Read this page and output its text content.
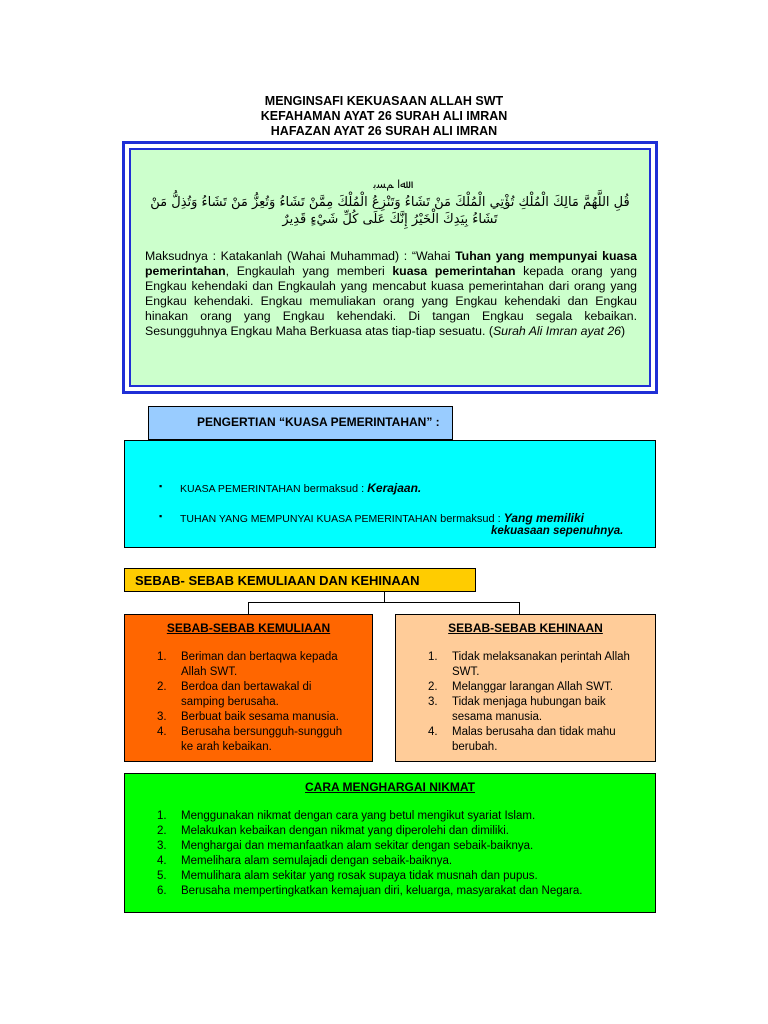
MENGINSAFI KEKUASAAN ALLAH SWT
KEFAHAMAN AYAT 26 SURAH ALI IMRAN
HAFAZAN AYAT 26 SURAH ALI IMRAN
ﷲﺍ ﻢﺴﺑ
ﻗُﻞِ ﺍﻟﻠَّﻬُﻢَّ ﻣَﺎﻟِﻚَ ﺍﻟْﻤُﻠْﻚِ ﺗُﺆْﺗِﻲ ﺍﻟْﻤُﻠْﻚَ ﻣَﻦْ ﺗَﺸَﺎﺀُ ﻭَﺗَﻨْﺰِﻉُ ﺍﻟْﻤُﻠْﻚَ ﻣِﻤَّﻦْ ﺗَﺸَﺎﺀُ ﻭَﺗُﻌِﺰُّ ﻣَﻦْ ﺗَﺸَﺎﺀُ ﻭَﺗُﺬِﻝُّ ﻣَﻦْ ﺗَﺸَﺎﺀُ ﺑِﻴَﺪِﻙَ ﺍﻟْﺨَﻴْﺮُ ﺇِﻧَّﻚَ ﻋَﻠَﻰ ﻛُﻞِّ ﺷَﻲْﺀٍ ﻗَﺪِﻳﺮٌ
Maksudnya : Katakanlah (Wahai Muhammad) : “Wahai Tuhan yang mempunyai kuasa pemerintahan, Engkaulah yang memberi kuasa pemerintahan kepada orang yang Engkau kehendaki dan Engkaulah yang mencabut kuasa pemerintahan dari orang yang Engkau kehendaki. Engkau memuliakan orang yang Engkau kehendaki dan Engkau hinakan orang yang Engkau kehendaki. Di tangan Engkau segala kebaikan. Sesungguhnya Engkau Maha Berkuasa atas tiap-tiap sesuatu. (Surah Ali Imran ayat 26)
PENGERTIAN “KUASA PEMERINTAHAN” :
▪ KUASA PEMERINTAHAN bermaksud : Kerajaan.
▪ TUHAN YANG MEMPUNYAI KUASA PEMERINTAHAN bermaksud : Yang memiliki
kekuasaan sepenuhnya.
SEBAB- SEBAB KEMULIAAN DAN KEHINAAN
SEBAB-SEBAB KEMULIAAN
1. Beriman dan bertaqwa kepada
Allah SWT.
2. Berdoa dan bertawakal di
samping berusaha.
3. Berbuat baik sesama manusia.
4. Berusaha bersungguh-sungguh
ke arah kebaikan.
SEBAB-SEBAB KEHINAAN
1. Tidak melaksanakan perintah Allah
SWT.
2. Melanggar larangan Allah SWT.
3. Tidak menjaga hubungan baik
sesama manusia.
4. Malas berusaha dan tidak mahu
berubah.
CARA MENGHARGAI NIKMAT
1. Menggunakan nikmat dengan cara yang betul mengikut syariat Islam.
2. Melakukan kebaikan dengan nikmat yang diperolehi dan dimiliki.
3. Menghargai dan memanfaatkan alam sekitar dengan sebaik-baiknya.
4. Memelihara alam semulajadi dengan sebaik-baiknya.
5. Memulihara alam sekitar yang rosak supaya tidak musnah dan pupus.
6. Berusaha mempertingkatkan kemajuan diri, keluarga, masyarakat dan Negara.
